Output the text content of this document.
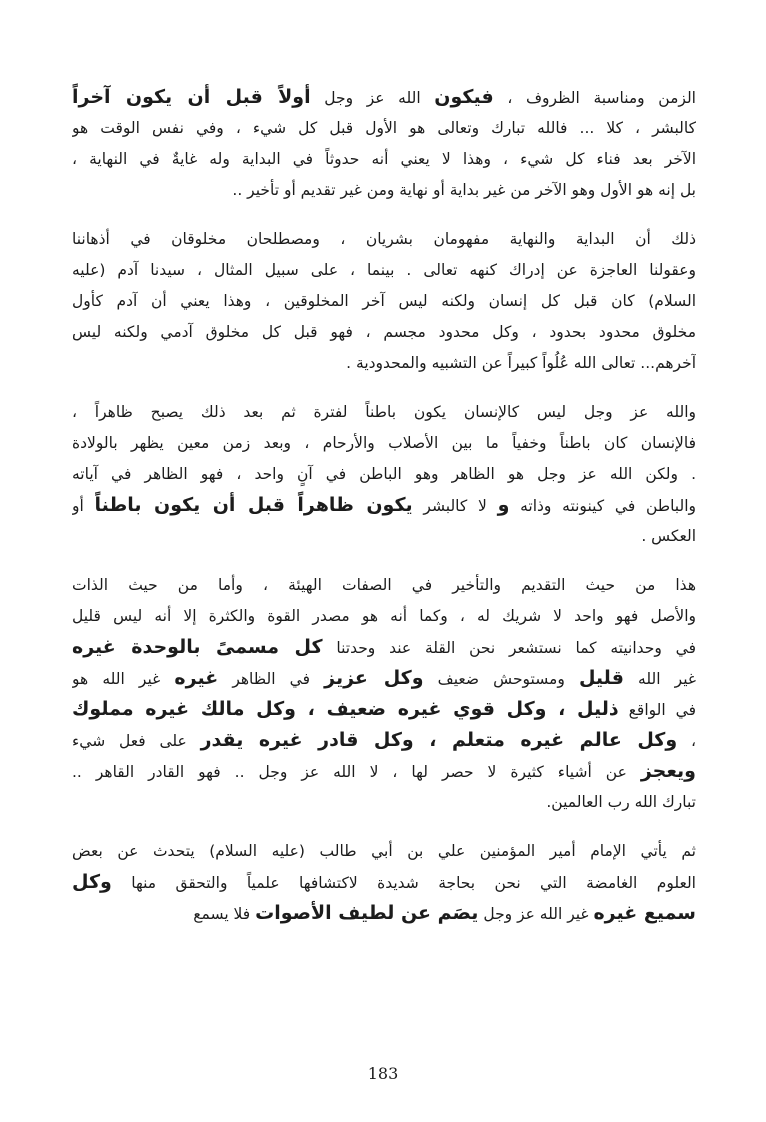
الزمن ومناسبة الظروف ، فيكون الله عز وجل أولاً قبل أن يكون آخراً
كالبشر ، كلا ... فالله تبارك وتعالى هو الأول قبل كل شيء ، وفي نفس الوقت هو
الآخر بعد فناء كل شيء ، وهذا لا يعني أنه حدوثاً في البداية وله غايةٌ في النهاية ،
بل إنه هو الأول وهو الآخر من غير بداية أو نهاية ومن غير تقديم أو تأخير ..
ذلك أن البداية والنهاية مفهومان بشريان ، ومصطلحان مخلوقان في أذهاننا
وعقولنا العاجزة عن إدراك كنهه تعالى . بينما ، على سبيل المثال ، سيدنا آدم (عليه
السلام) كان قبل كل إنسان ولكنه ليس آخر المخلوقين ، وهذا يعني أن آدم كأول
مخلوق محدود بحدود ، وكل محدود مجسم ، فهو قبل كل مخلوق آدمي ولكنه ليس
آخرهم... تعالى الله عُلُواً كبيراً عن التشبيه والمحدودية .
والله عز وجل ليس كالإنسان يكون باطناً لفترة ثم بعد ذلك يصبح ظاهراً ،
فالإنسان كان باطناً وخفياً ما بين الأصلاب والأرحام ، وبعد زمن معين يظهر بالولادة
. ولكن الله عز وجل هو الظاهر وهو الباطن في آنٍ واحد ، فهو الظاهر في آياته
والباطن في كينونته وذاته و لا كالبشر يكون ظاهراً قبل أن يكون باطناً أو
العكس .
هذا من حيث التقديم والتأخير في الصفات الهيئة ، وأما من حيث الذات
والأصل فهو واحد لا شريك له ، وكما أنه هو مصدر القوة والكثرة إلا أنه ليس قليل
في وحدانيته كما نستشعر نحن القلة عند وحدتنا كل مسمىً بالوحدة غيره
غير الله قليل ومستوحش ضعيف وكل عزيز في الظاهر غيره غير الله هو
في الواقع ذليل ، وكل قوي غيره ضعيف ، وكل مالك غيره مملوك
، وكل عالم غيره متعلم ، وكل قادر غيره يقدر على فعل شيء
ويعجز عن أشياء كثيرة لا حصر لها ، لا الله عز وجل .. فهو القادر القاهر ..
تبارك الله رب العالمين.
ثم يأتي الإمام أمير المؤمنين علي بن أبي طالب (عليه السلام) يتحدث عن بعض
العلوم الغامضة التي نحن بحاجة شديدة لاكتشافها علمياً والتحقق منها وكل
سميع غيره غير الله عز وجل يصَم عن لطيف الأصوات فلا يسمع
183
